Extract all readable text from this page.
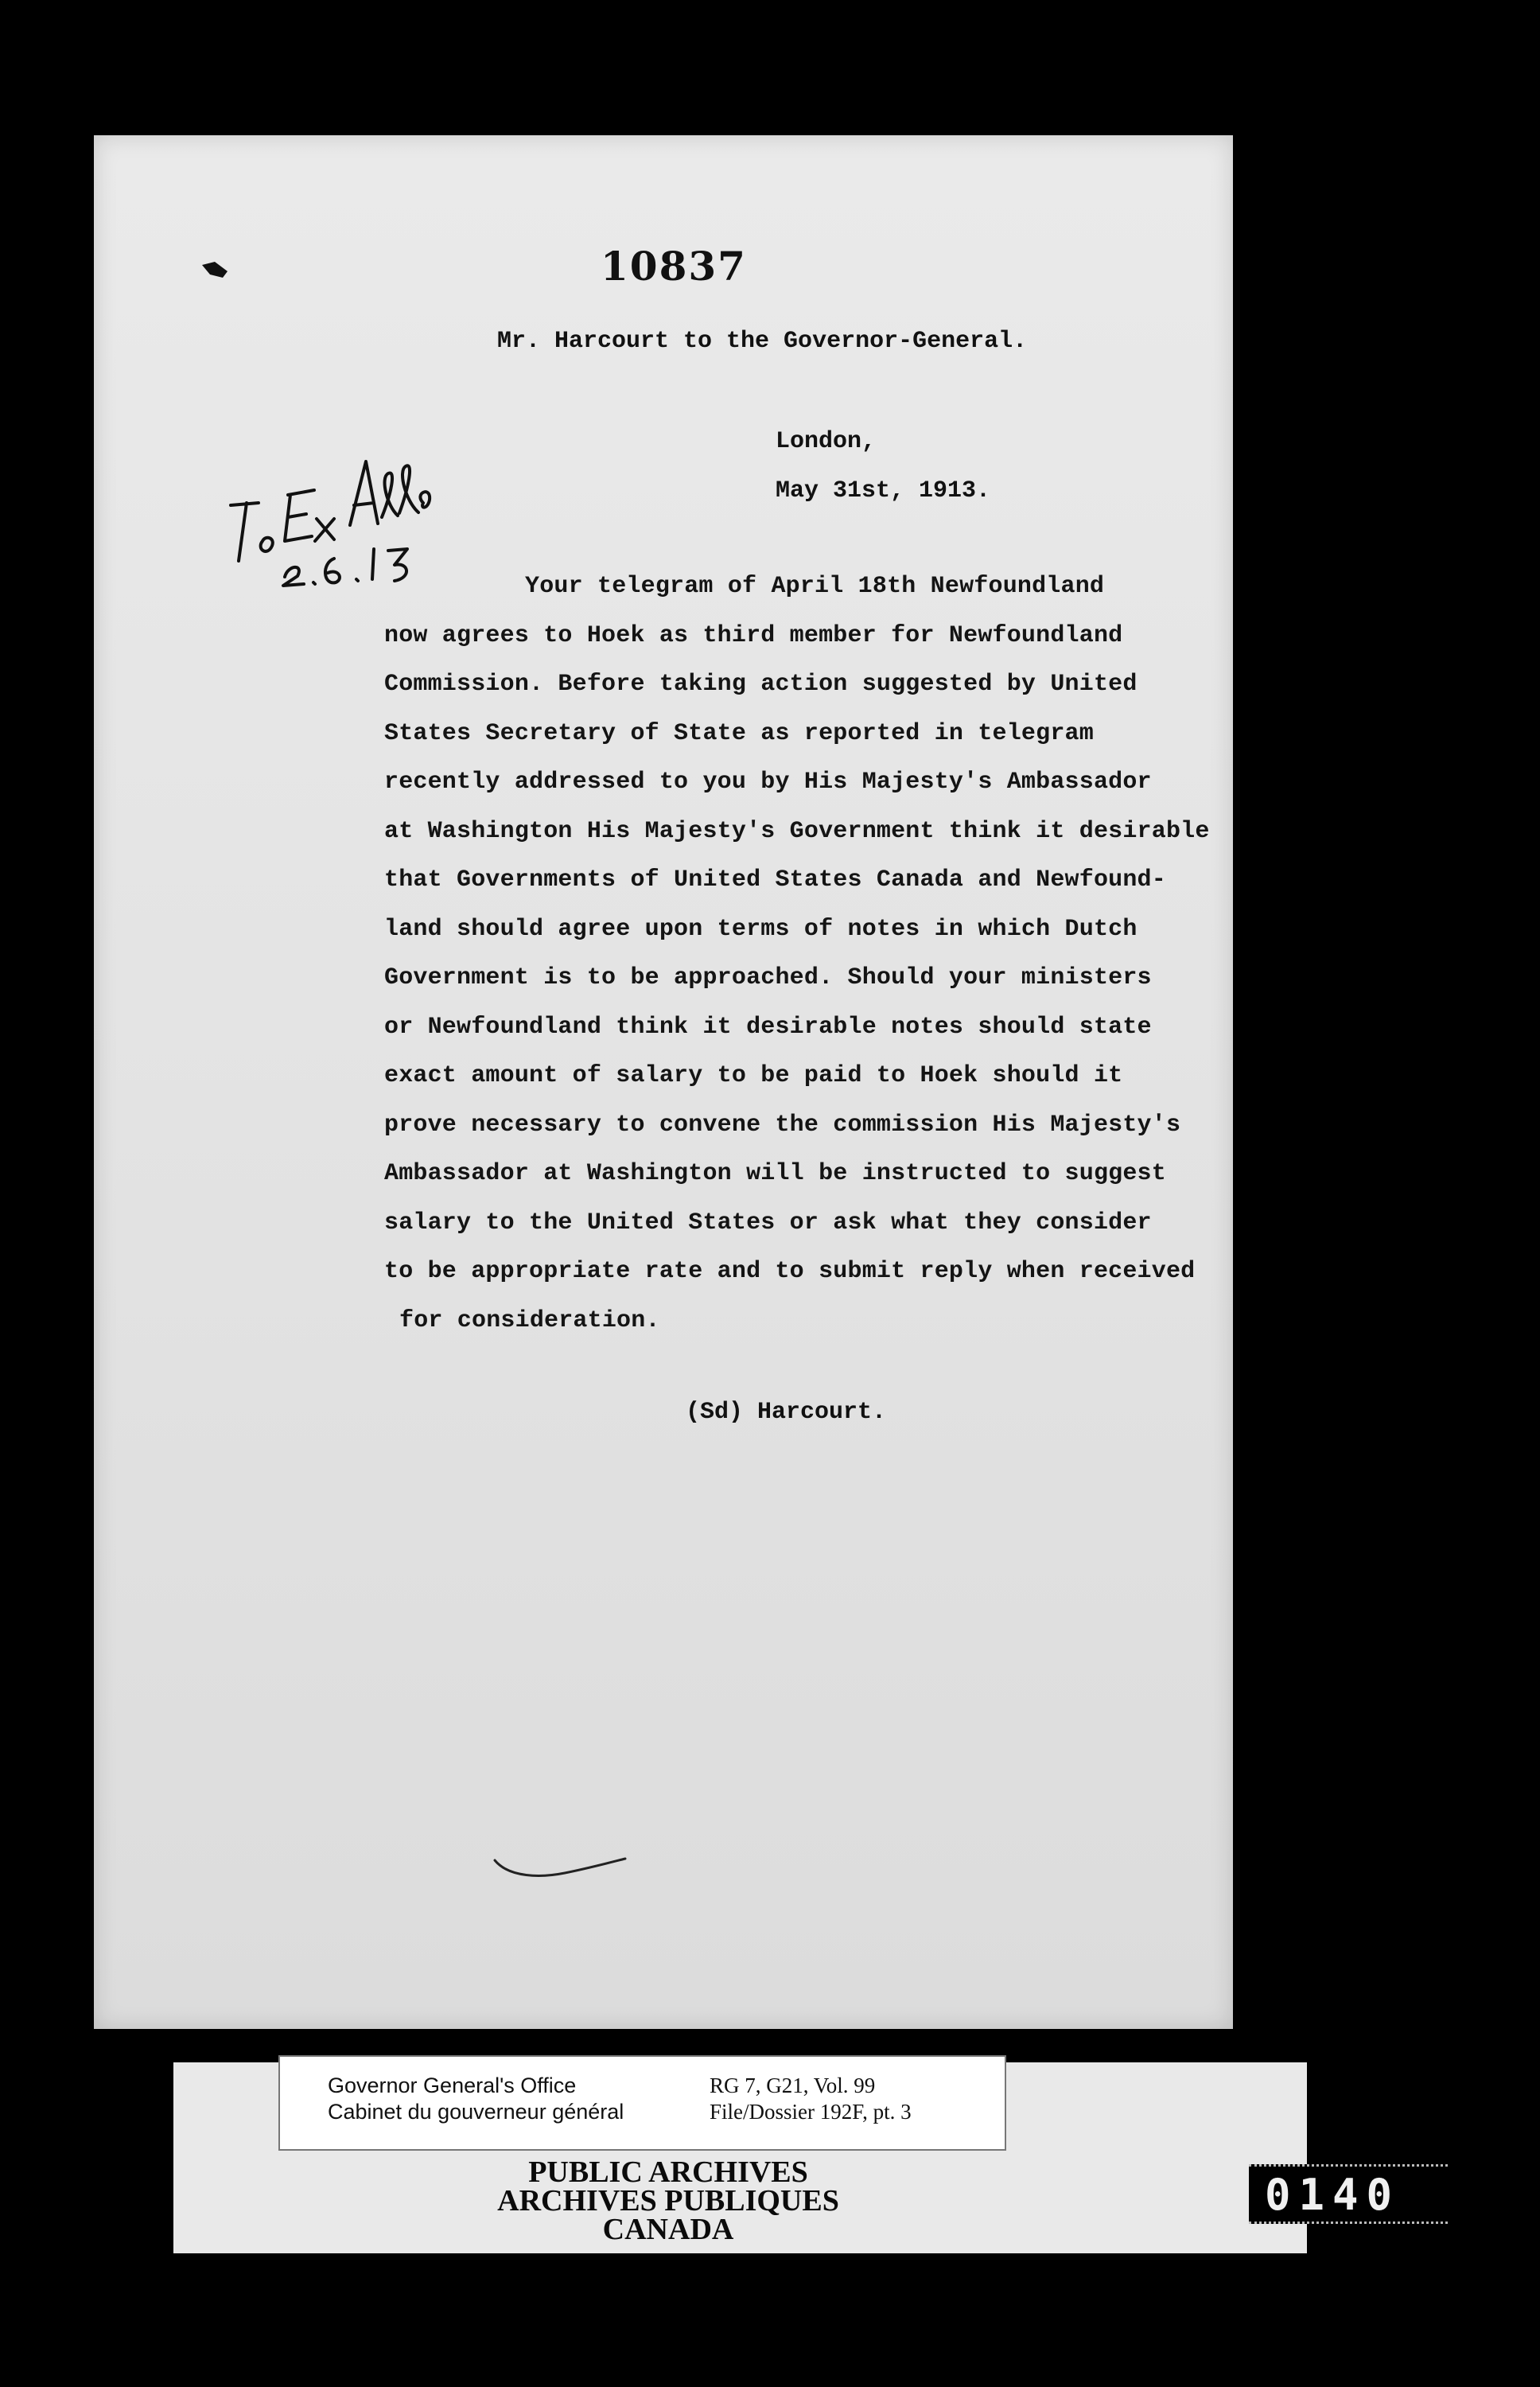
10837
Mr. Harcourt to the Governor-General.
London,
May 31st, 1913.
Your telegram of April 18th Newfoundland
now agrees to Hoek as third member for Newfoundland
Commission. Before taking action suggested by United
States Secretary of State as reported in telegram
recently addressed to you by His Majesty's Ambassador
at Washington His Majesty's Government think it desirable
that Governments of United States Canada and Newfound-
land should agree upon terms of notes in which Dutch
Government is to be approached. Should your ministers
or Newfoundland think it desirable notes should state
exact amount of salary to be paid to Hoek should it
prove necessary to convene the commission His Majesty's
Ambassador at Washington will be instructed to suggest
salary to the United States or ask what they consider
to be appropriate rate and to submit reply when received
for consideration.
(Sd) Harcourt.
Governor General's Office
Cabinet du gouverneur général
RG 7, G21, Vol. 99
File/Dossier 192F, pt. 3
PUBLIC ARCHIVES
ARCHIVES PUBLIQUES
CANADA
0140
